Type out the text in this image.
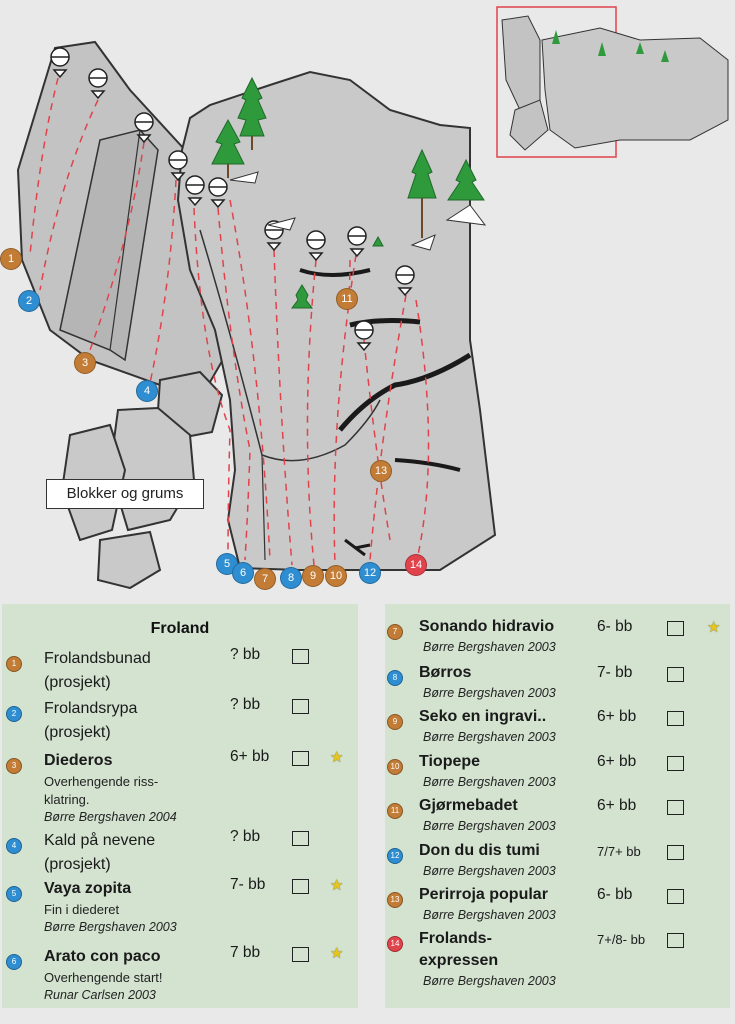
1
2
3
4
5
6	7	8	9	10
11
12
13
14
Blokker og grums
Froland
1	Frolandsbunad
(prosjekt)
? bb
2	Frolandsrypa
(prosjekt)
? bb
3	Diederos
Overhengende riss-
klatring.
Børre Bergshaven 2004
6+ bb	★
4	Kald på nevene
(prosjekt)
? bb
5	Vaya zopita
Fin i diederet
Børre Bergshaven 2003
7- bb	★
6	Arato con paco
Overhengende start!
Runar Carlsen 2003
7 bb	★
7	Sonando hidravio
Børre Bergshaven 2003
6- bb	★
8	Børros
Børre Bergshaven 2003
7- bb
9	Seko en ingravi..
Børre Bergshaven 2003
6+ bb
10 Tiopepe
Børre Bergshaven 2003
6+ bb
11 Gjørmebadet
Børre Bergshaven 2003
6+ bb
12 Don du dis tumi
Børre Bergshaven 2003
7/7+ bb
13 Perirroja popular
Børre Bergshaven 2003
6- bb
14 Frolands-
expressen
Børre Bergshaven 2003
7+/8- bb
